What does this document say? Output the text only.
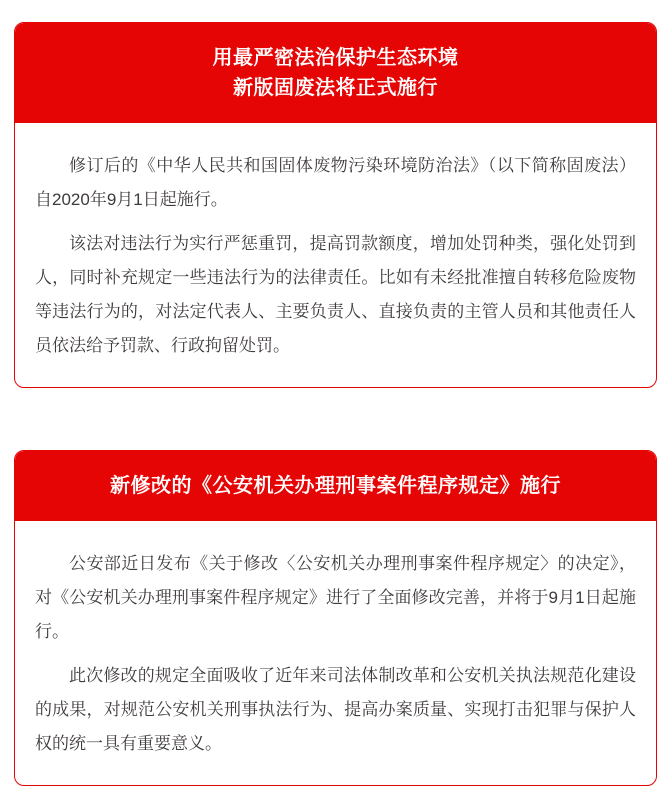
用最严密法治保护生态环境
新版固废法将正式施行

修订后的《中华人民共和国固体废物污染环境防治法》（以下简称固废法）自2020年9月1日起施行。

该法对违法行为实行严惩重罚，提高罚款额度，增加处罚种类，强化处罚到人，同时补充规定一些违法行为的法律责任。比如有未经批准擅自转移危险废物等违法行为的，对法定代表人、主要负责人、直接负责的主管人员和其他责任人员依法给予罚款、行政拘留处罚。

新修改的《公安机关办理刑事案件程序规定》施行

公安部近日发布《关于修改〈公安机关办理刑事案件程序规定〉的决定》，对《公安机关办理刑事案件程序规定》进行了全面修改完善，并将于9月1日起施行。

此次修改的规定全面吸收了近年来司法体制改革和公安机关执法规范化建设的成果，对规范公安机关刑事执法行为、提高办案质量、实现打击犯罪与保护人权的统一具有重要意义。
